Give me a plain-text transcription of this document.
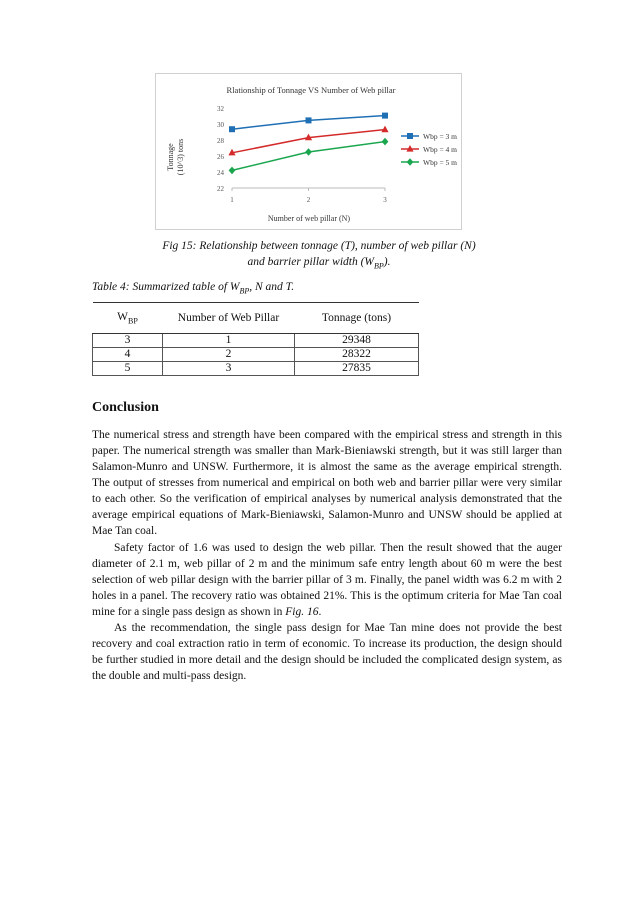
Rlationship of Tonnage VS Number of Web pillar
Tonnage (10^3) tons
Number of web pillar (N)
22
24
26
28
30
32
1	2	3
Wbp = 3 m
Wbp = 4 m
Wbp = 5 m
Fig 15: Relationship between tonnage (T), number of web pillar (N)
and barrier pillar width $(W_{BP})$.
Table 4: Summarized table of $W_{BP}$, N and T.
$W_{BP}$	Number of Web Pillar	Tonnage (tons)
3	1	29348
4	2	28322
5	3	27835
Conclusion

The numerical stress and strength have been compared with the empirical stress and strength in this paper. The numerical strength was smaller than Mark-Bieniawski strength, but it was still larger than Salamon-Munro and UNSW. Furthermore, it is almost the same as the average empirical strength. The output of stresses from numerical and empirical on both web and barrier pillar were very similar to each other. So the verification of empirical analyses by numerical analysis demonstrated that the average empirical equations of Mark-Bieniawski, Salamon-Munro and UNSW should be applied at Mae Tan coal.

Safety factor of 1.6 was used to design the web pillar. Then the result showed that the auger diameter of 2.1 m, web pillar of 2 m and the minimum safe entry length about 60 m were the best selection of web pillar design with the barrier pillar of 3 m. Finally, the panel width was 6.2 m with 2 holes in a panel. The recovery ratio was obtained 21%. This is the optimum criteria for Mae Tan coal mine for a single pass design as shown in Fig. 16.

As the recommendation, the single pass design for Mae Tan mine does not provide the best recovery and coal extraction ratio in term of economic. To increase its production, the design should be further studied in more detail and the design should be included the complicated design system, as the double and multi-pass design.
